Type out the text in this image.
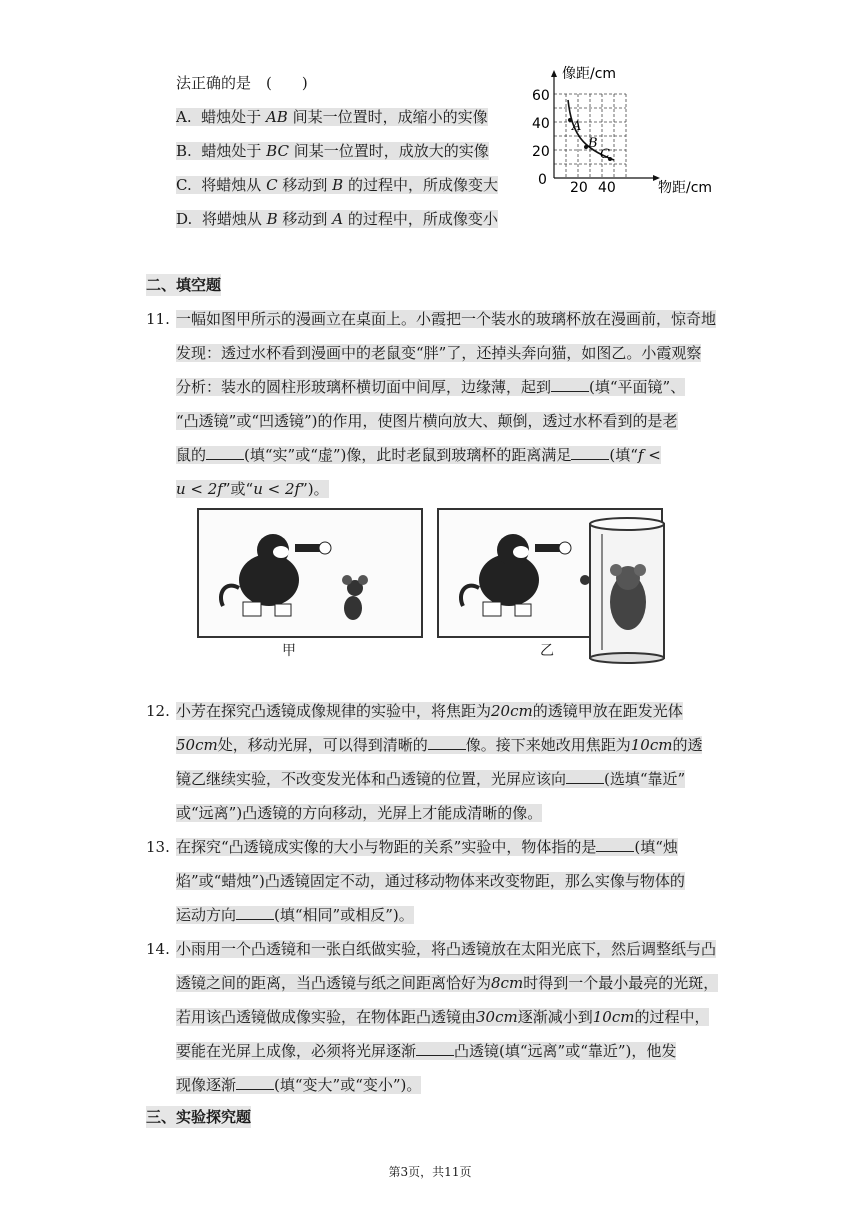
法正确的是　(　　)
A. 蜡烛处于 AB 间某一位置时，成缩小的实像
B. 蜡烛处于 BC 间某一位置时，成放大的实像
C. 将蜡烛从 C 移动到 B 的过程中，所成像变大
D. 将蜡烛从 B 移动到 A 的过程中，所成像变小
A
B
C
像距/cm
物距/cm
60
40
20
0 20 40
二、填空题
11. 一幅如图甲所示的漫画立在桌面上。小霞把一个装水的玻璃杯放在漫画前，惊奇地
发现：透过水杯看到漫画中的老鼠变“胖”了，还掉头奔向猫，如图乙。小霞观察
分析：装水的圆柱形玻璃杯横切面中间厚，边缘薄，起到	(填“平面镜”、
“凸透镜”或“凹透镜”)的作用，使图片横向放大、颠倒，透过水杯看到的是老
鼠的	(填“实”或“虚”)像，此时老鼠到玻璃杯的距离满足	(填“f <
u < 2f”或“u < 2f”)。
甲	乙
12. 小芳在探究凸透镜成像规律的实验中，将焦距为20cm的透镜甲放在距发光体
50cm处，移动光屏，可以得到清晰的	像。接下来她改用焦距为10cm的透
镜乙继续实验，不改变发光体和凸透镜的位置，光屏应该向	(选填“靠近”
或“远离”)凸透镜的方向移动，光屏上才能成清晰的像。
13. 在探究“凸透镜成实像的大小与物距的关系”实验中，物体指的是	(填“烛
焰”或“蜡烛”)凸透镜固定不动，通过移动物体来改变物距，那么实像与物体的
运动方向	(填“相同”或相反”)。
14. 小雨用一个凸透镜和一张白纸做实验，将凸透镜放在太阳光底下，然后调整纸与凸
透镜之间的距离，当凸透镜与纸之间距离恰好为8cm时得到一个最小最亮的光斑，
若用该凸透镜做成像实验，在物体距凸透镜由30cm逐渐减小到10cm的过程中，
要能在光屏上成像，必须将光屏逐渐	凸透镜(填“远离”或“靠近”)，他发
现像逐渐	(填“变大”或“变小”)。
三、实验探究题
第3页，共11页
